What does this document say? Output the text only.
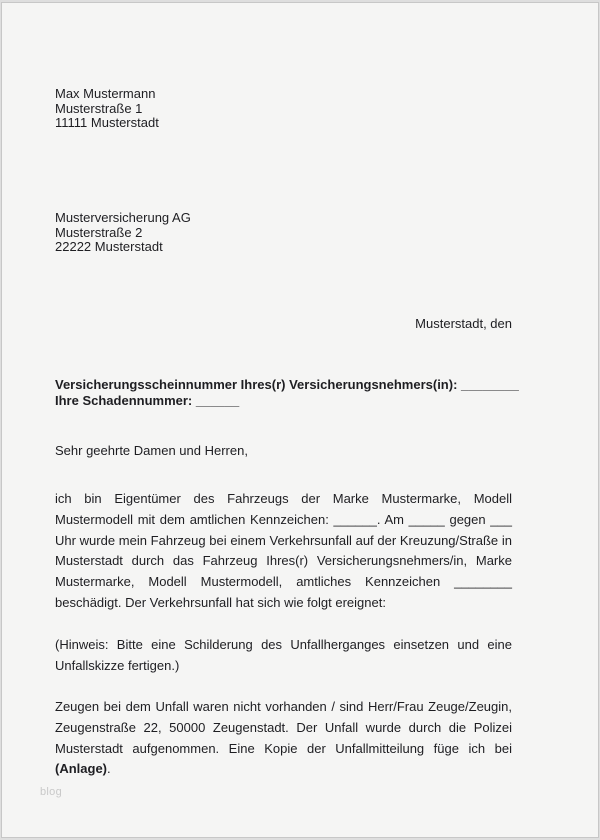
Max Mustermann
Musterstraße 1
11111 Musterstadt
Musterversicherung AG
Musterstraße 2
22222 Musterstadt
Musterstadt, den
Versicherungsscheinnummer Ihres(r) Versicherungsnehmers(in): ________
Ihre Schadennummer: ______
Sehr geehrte Damen und Herren,
ich bin Eigentümer des Fahrzeugs der Marke Mustermarke, Modell Mustermodell mit dem amtlichen Kennzeichen: ______. Am _____ gegen ___ Uhr wurde mein Fahrzeug bei einem Verkehrsunfall auf der Kreuzung/Straße in Musterstadt durch das Fahrzeug Ihres(r) Versicherungsnehmers/in, Marke Mustermarke, Modell Mustermodell, amtliches Kennzeichen ________ beschädigt. Der Verkehrsunfall hat sich wie folgt ereignet:
(Hinweis: Bitte eine Schilderung des Unfallherganges einsetzen und eine Unfallskizze fertigen.)
Zeugen bei dem Unfall waren nicht vorhanden / sind Herr/Frau Zeuge/Zeugin, Zeugenstraße 22, 50000 Zeugenstadt. Der Unfall wurde durch die Polizei Musterstadt aufgenommen. Eine Kopie der Unfallmitteilung füge ich bei (Anlage).
blog
